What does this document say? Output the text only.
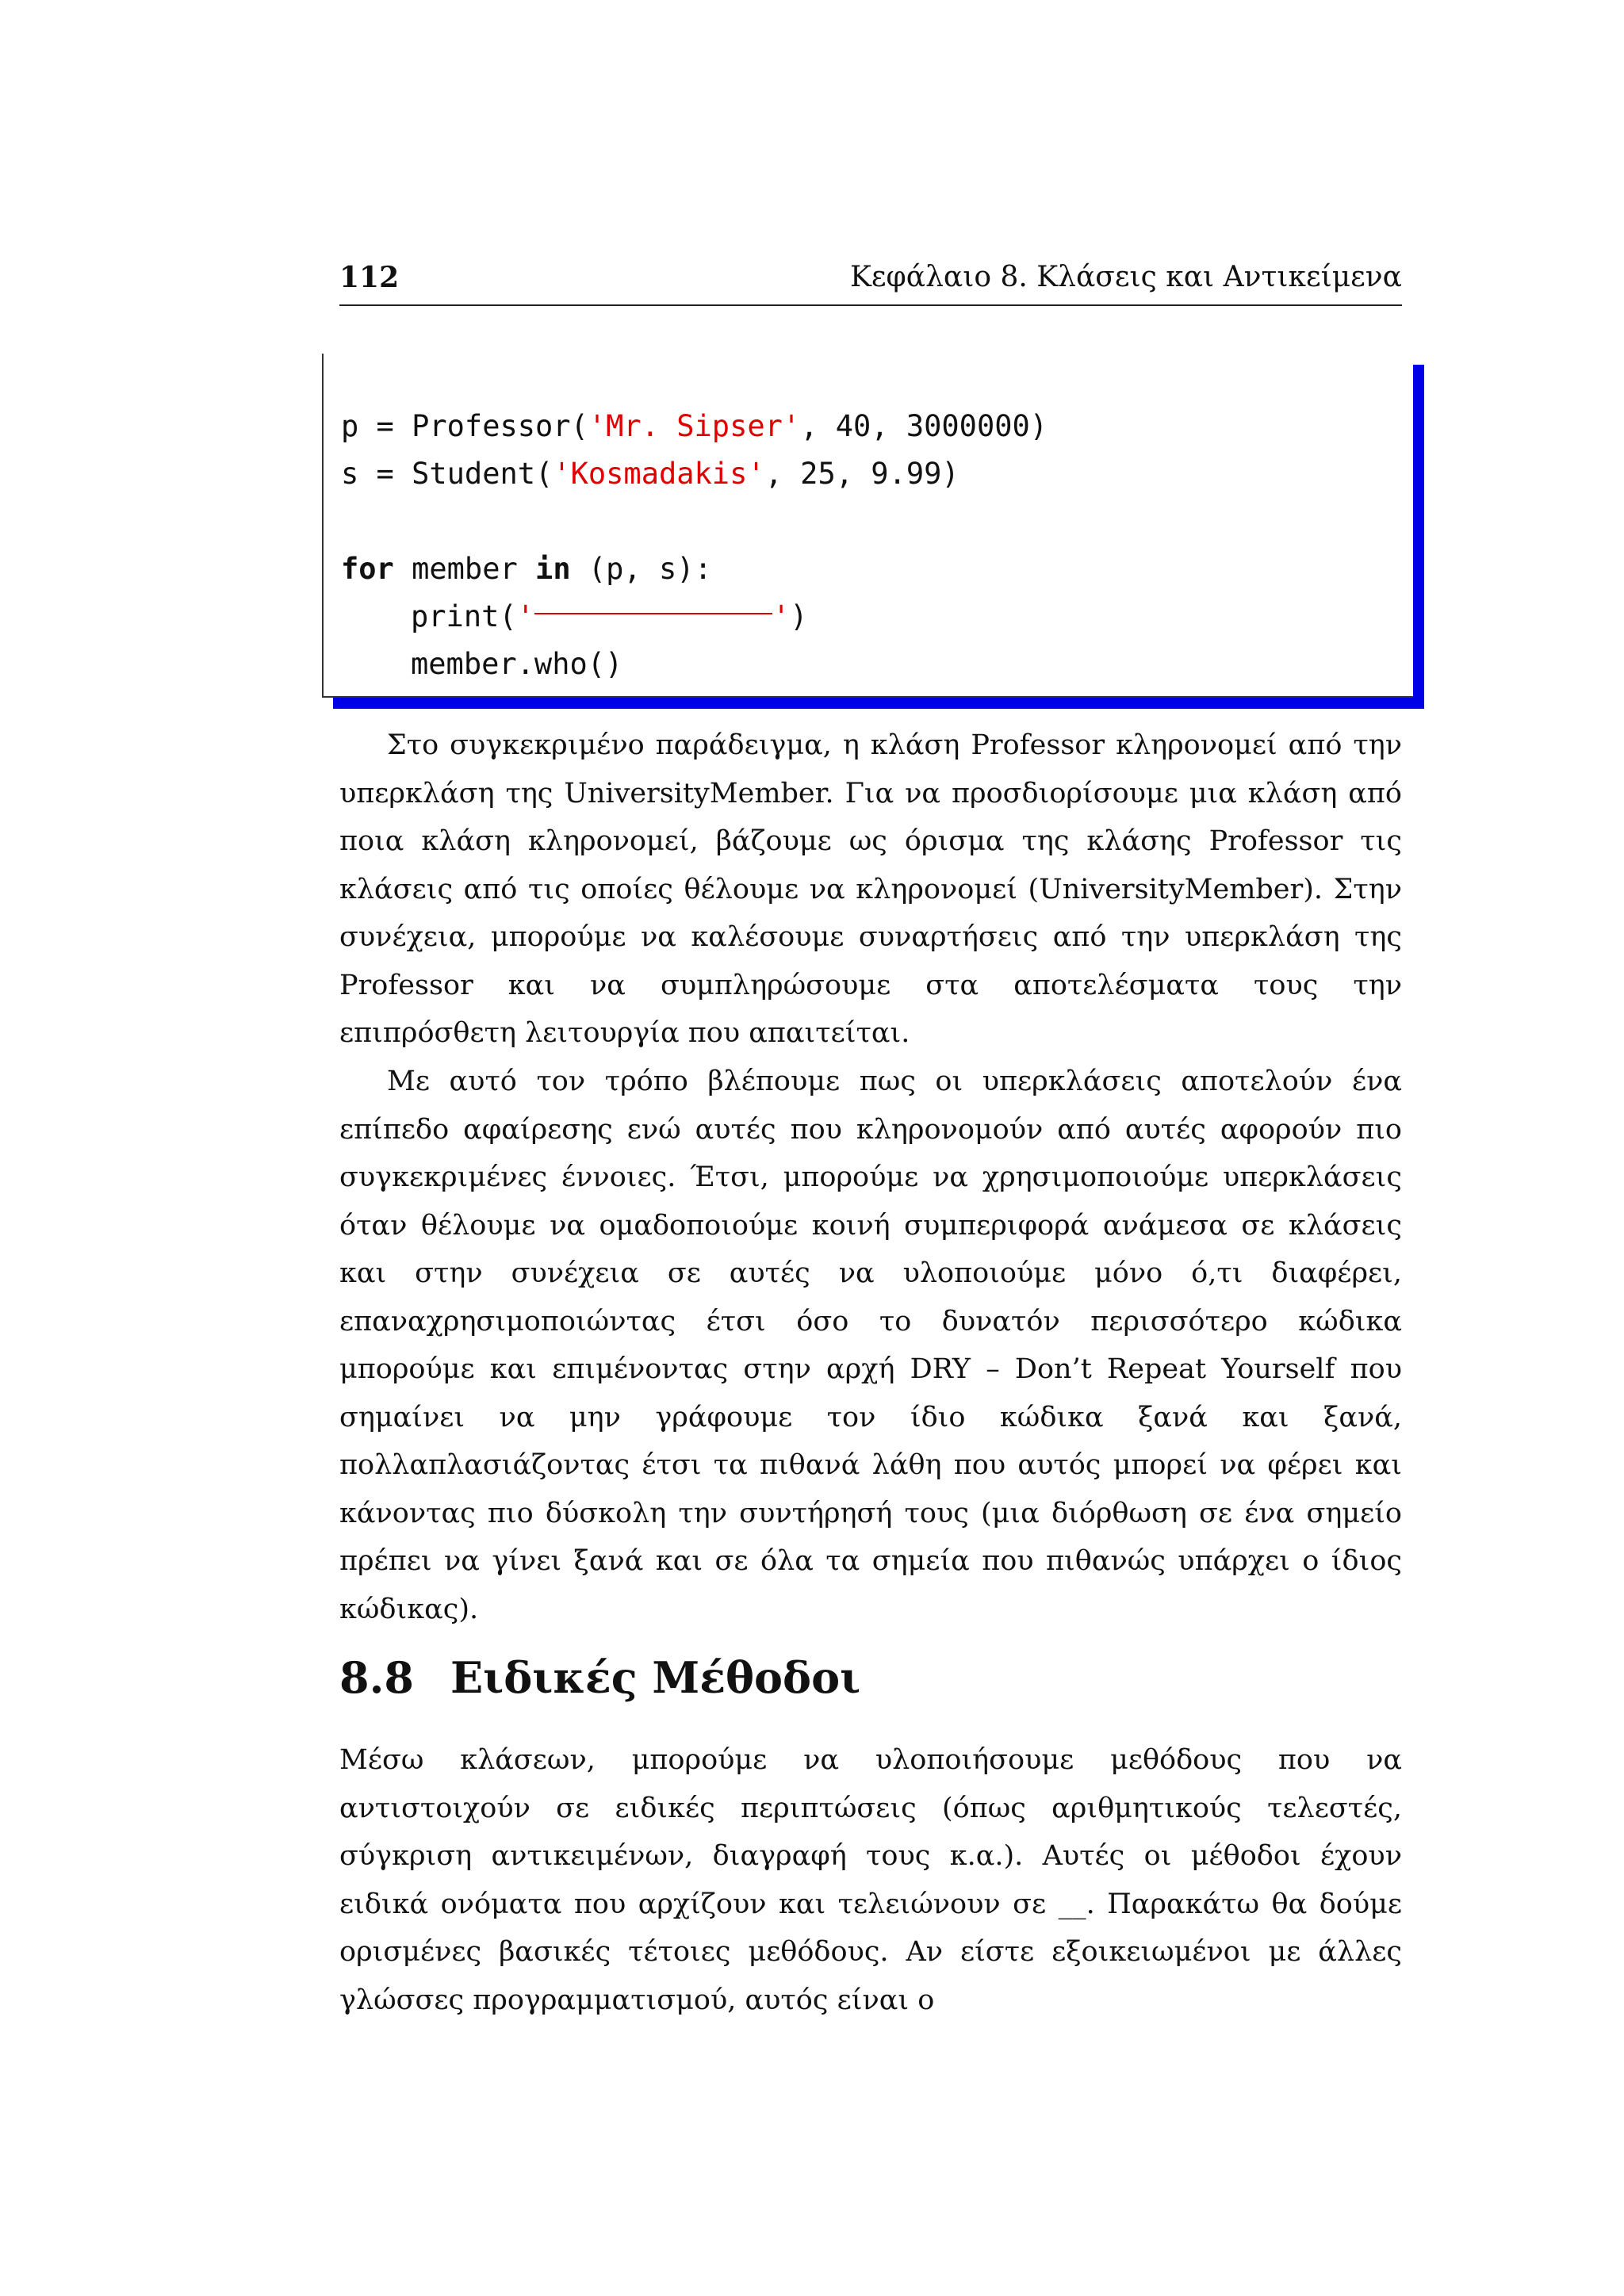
112	Κεφάλαιο 8. Κλάσεις και Αντικείμενα
p = Professor('Mr. Sipser', 40, 3000000)
s = Student('Kosmadakis', 25, 9.99)
for member in (p, s):
print('	')
member.who()

Στο συγκεκριμένο παράδειγμα, η κλάση Professor κληρονομεί από την υπερκλάση της UniversityMember. Για να προσδιορίσουμε μια κλάση από ποια κλάση κληρονομεί, βάζουμε ως όρισμα της κλάσης Professor τις κλάσεις από τις οποίες θέλουμε να κληρονομεί (UniversityMember). Στην συνέχεια, μπορούμε να καλέσουμε συναρτήσεις από την υπερκλάση της Professor και να συμπληρώσουμε στα αποτελέσματα τους την επιπρόσθετη λειτουργία που απαιτείται.

Με αυτό τον τρόπο βλέπουμε πως οι υπερκλάσεις αποτελούν ένα επίπεδο αφαίρεσης ενώ αυτές που κληρονομούν από αυτές αφορούν πιο συγκεκριμένες έννοιες. Έτσι, μπορούμε να χρησιμοποιούμε υπερκλάσεις όταν θέλουμε να ομαδοποιούμε κοινή συμπεριφορά ανάμεσα σε κλάσεις και στην συνέχεια σε αυτές να υλοποιούμε μόνο ό,τι διαφέρει, επαναχρησιμοποιώντας έτσι όσο το δυνατόν περισσότερο κώδικα μπορούμε και επιμένοντας στην αρχή DRY – Don’t Repeat Yourself που σημαίνει να μην γράφουμε τον ίδιο κώδικα ξανά και ξανά, πολλαπλασιάζοντας έτσι τα πιθανά λάθη που αυτός μπορεί να φέρει και κάνοντας πιο δύσκολη την συντήρησή τους (μια διόρθωση σε ένα σημείο πρέπει να γίνει ξανά και σε όλα τα σημεία που πιθανώς υπάρχει ο ίδιος κώδικας).

8.8 Ειδικές Μέθοδοι

Μέσω κλάσεων, μπορούμε να υλοποιήσουμε μεθόδους που να αντιστοιχούν σε ειδικές περιπτώσεις (όπως αριθμητικούς τελεστές, σύγκριση αντικειμένων, διαγραφή τους κ.α.). Αυτές οι μέθοδοι έχουν ειδικά ονόματα που αρχίζουν και τελειώνουν σε __. Παρακάτω θα δούμε ορισμένες βασικές τέτοιες μεθόδους. Αν είστε εξοικειωμένοι με άλλες γλώσσες προγραμματισμού, αυτός είναι ο
